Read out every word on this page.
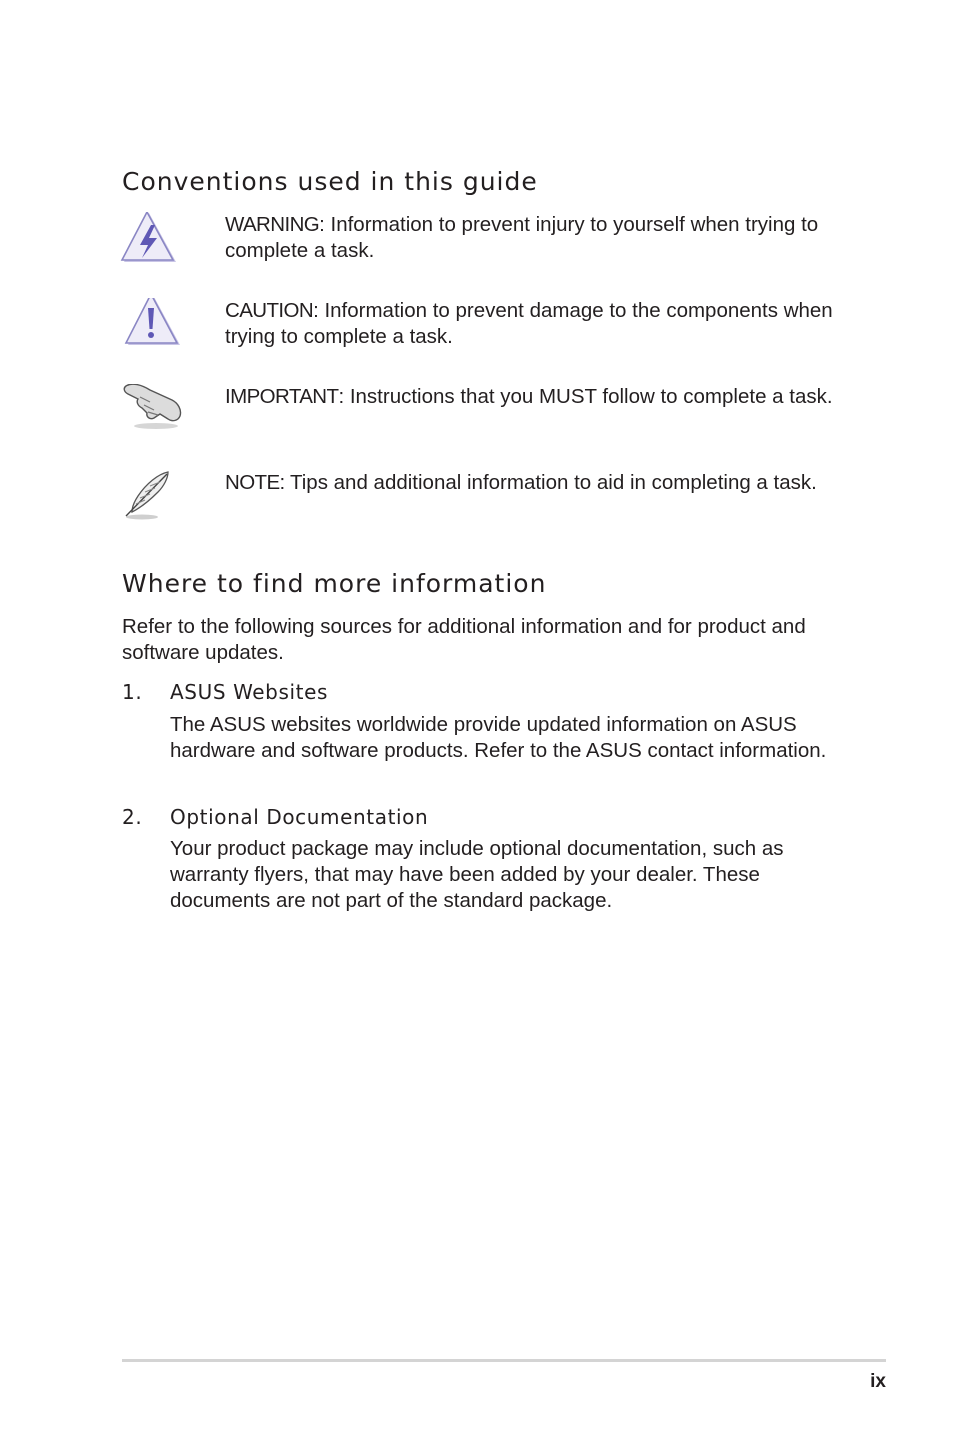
Conventions used in this guide
WARNING: Information to prevent injury to yourself when trying to complete a task.
CAUTION: Information to prevent damage to the components when trying to complete a task.
IMPORTANT: Instructions that you MUST follow to complete a task.
NOTE: Tips and additional information to aid in completing a task.
Where to find more information

Refer to the following sources for additional information and for product and software updates.

1. ASUS Websites

The ASUS websites worldwide provide updated information on ASUS hardware and software products. Refer to the ASUS contact information.

2. Optional Documentation

Your product package may include optional documentation, such as warranty flyers, that may have been added by your dealer. These documents are not part of the standard package.

ix
